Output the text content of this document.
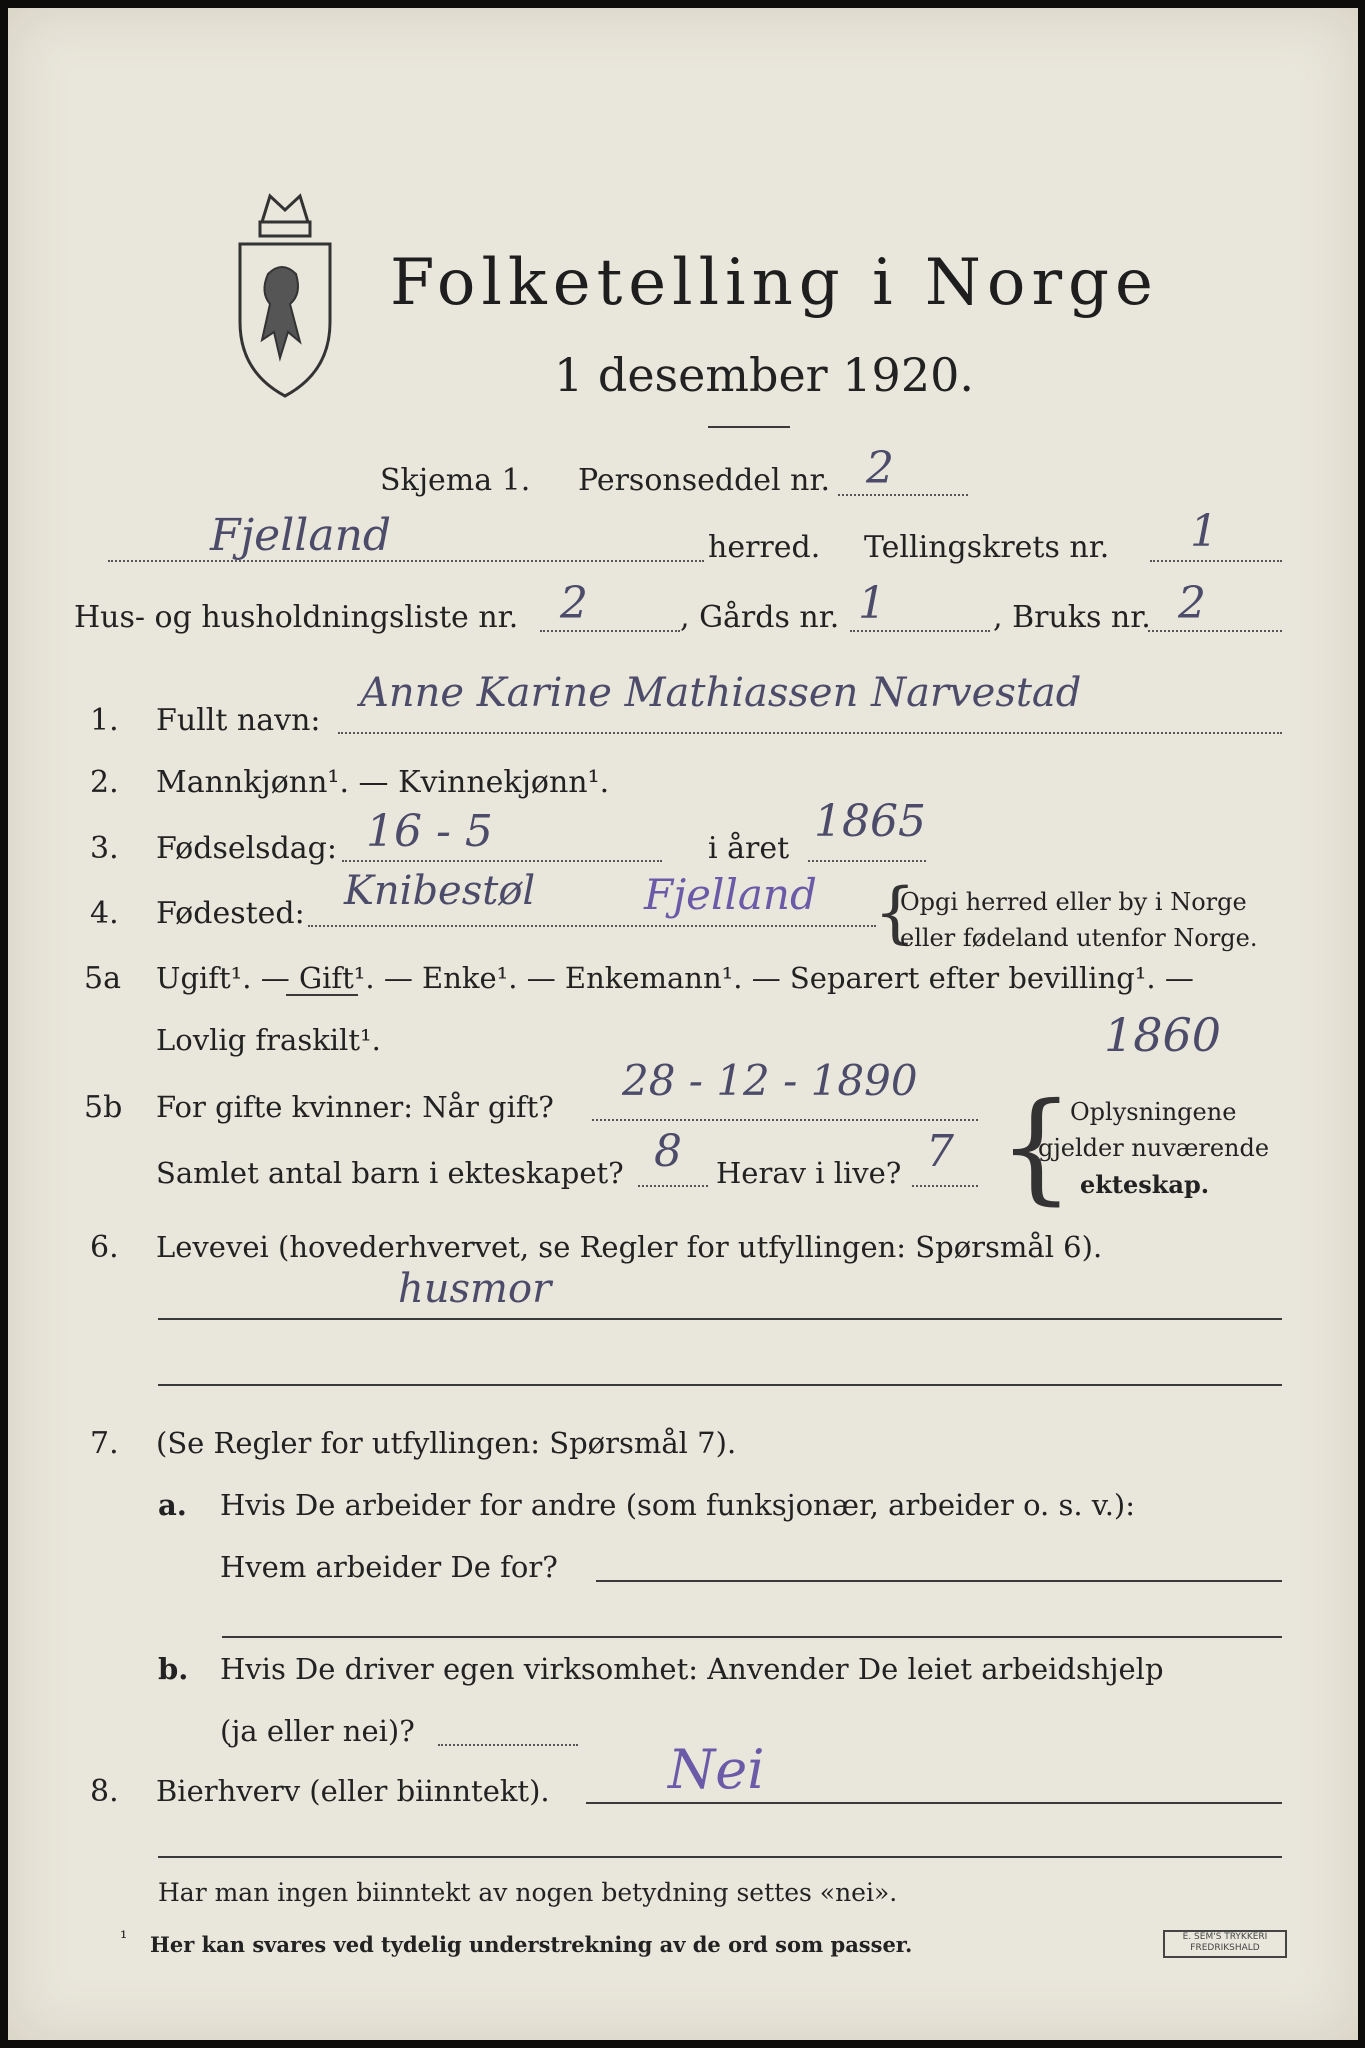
Folketelling i Norge
1 desember 1920.
Skjema 1. Personseddel nr. 2
Fjelland	herred. Tellingskrets nr. 1
Hus- og husholdningsliste nr. 2	, Gårds nr. 1	, Bruks nr. 2
1. Fullt navn:
Anne Karine Mathiassen Narvestad
2. Mannkjønn¹. — Kvinnekjønn¹.
3. Fødselsdag: 16 - 5	i året
1865
4. Fødested: Knibestøl	Fjelland {
Opgi herred eller by i Norge
eller fødeland utenfor Norge.
5a Ugift¹. — Gift¹. — Enke¹. — Enkemann¹. — Separert efter bevilling¹. —
Lovlig fraskilt¹.	1860
5b For gifte kvinner: Når gift?
28 - 12 - 1890
Samlet antal barn i ekteskapet? 8 Herav i live? 7 {
Oplysningene
gjelder nuværende
ekteskap.
6. Levevei (hovederhvervet, se Regler for utfyllingen: Spørsmål 6).
husmor
7. (Se Regler for utfyllingen: Spørsmål 7).
a. Hvis De arbeider for andre (som funksjonær, arbeider o. s. v.):
Hvem arbeider De for?
b. Hvis De driver egen virksomhet: Anvender De leiet arbeidshjelp
(ja eller nei)?
8. Bierhverv (eller biinntekt). Nei
Har man ingen biinntekt av nogen betydning settes «nei».
¹ Her kan svares ved tydelig understrekning av de ord som passer.	E. SEM'S TRYKKERI FREDRIKSHALD
